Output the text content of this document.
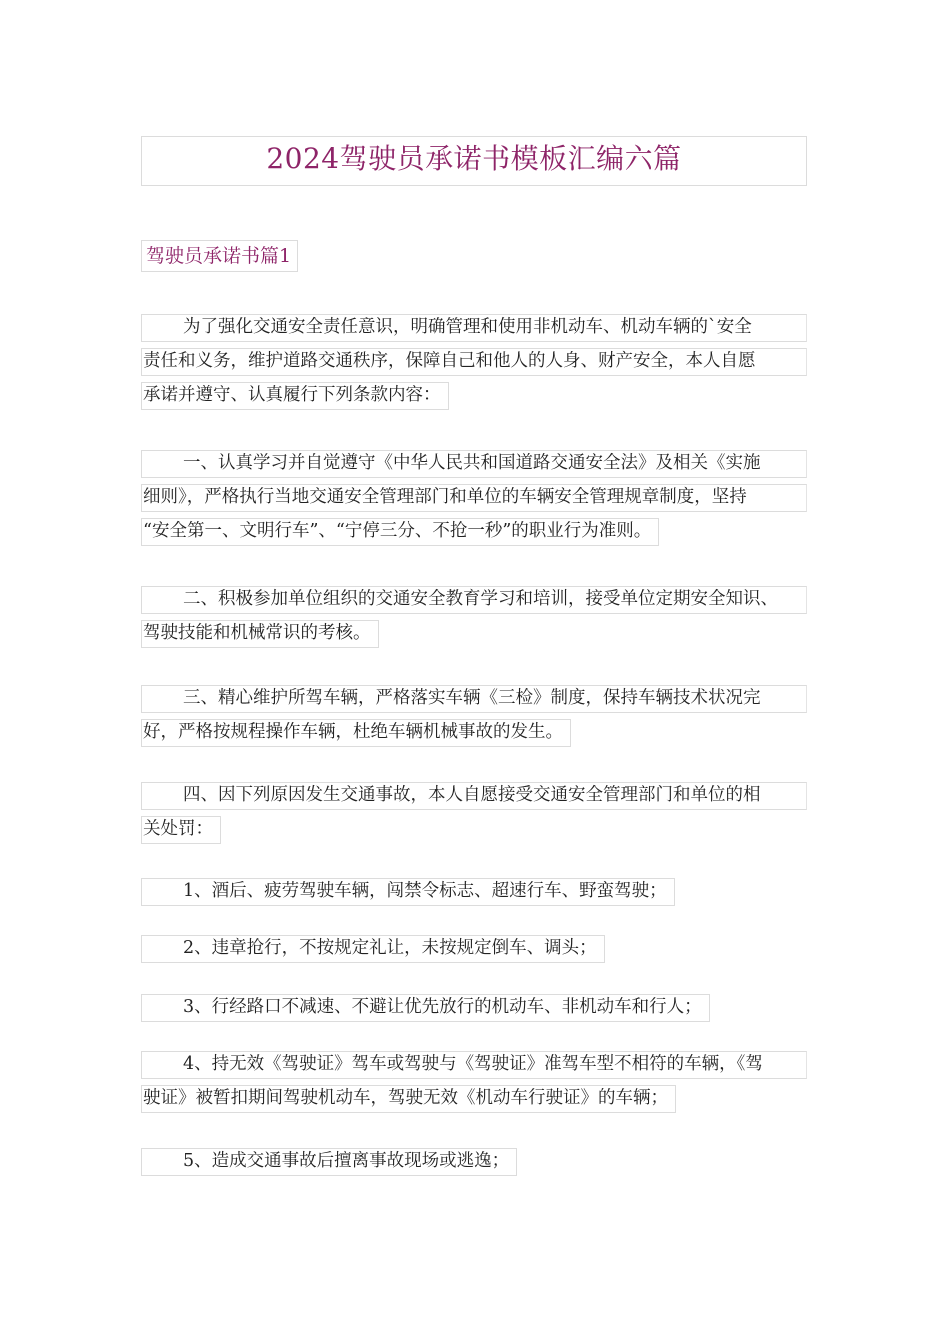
2024驾驶员承诺书模板汇编六篇
驾驶员承诺书篇1
为了强化交通安全责任意识，明确管理和使用非机动车、机动车辆的`安全
责任和义务，维护道路交通秩序，保障自己和他人的人身、财产安全，本人自愿
承诺并遵守、认真履行下列条款内容：
一、认真学习并自觉遵守《中华人民共和国道路交通安全法》及相关《实施
细则》，严格执行当地交通安全管理部门和单位的车辆安全管理规章制度，坚持
“安全第一、文明行车”、“宁停三分、不抢一秒”的职业行为准则。
二、积极参加单位组织的交通安全教育学习和培训，接受单位定期安全知识、
驾驶技能和机械常识的考核。
三、精心维护所驾车辆，严格落实车辆《三检》制度，保持车辆技术状况完
好，严格按规程操作车辆，杜绝车辆机械事故的发生。
四、因下列原因发生交通事故，本人自愿接受交通安全管理部门和单位的相
关处罚：
1、酒后、疲劳驾驶车辆，闯禁令标志、超速行车、野蛮驾驶；
2、违章抢行，不按规定礼让，未按规定倒车、调头；
3、行经路口不减速、不避让优先放行的机动车、非机动车和行人；
4、持无效《驾驶证》驾车或驾驶与《驾驶证》准驾车型不相符的车辆，《驾
驶证》被暂扣期间驾驶机动车，驾驶无效《机动车行驶证》的车辆；
5、造成交通事故后擅离事故现场或逃逸；
